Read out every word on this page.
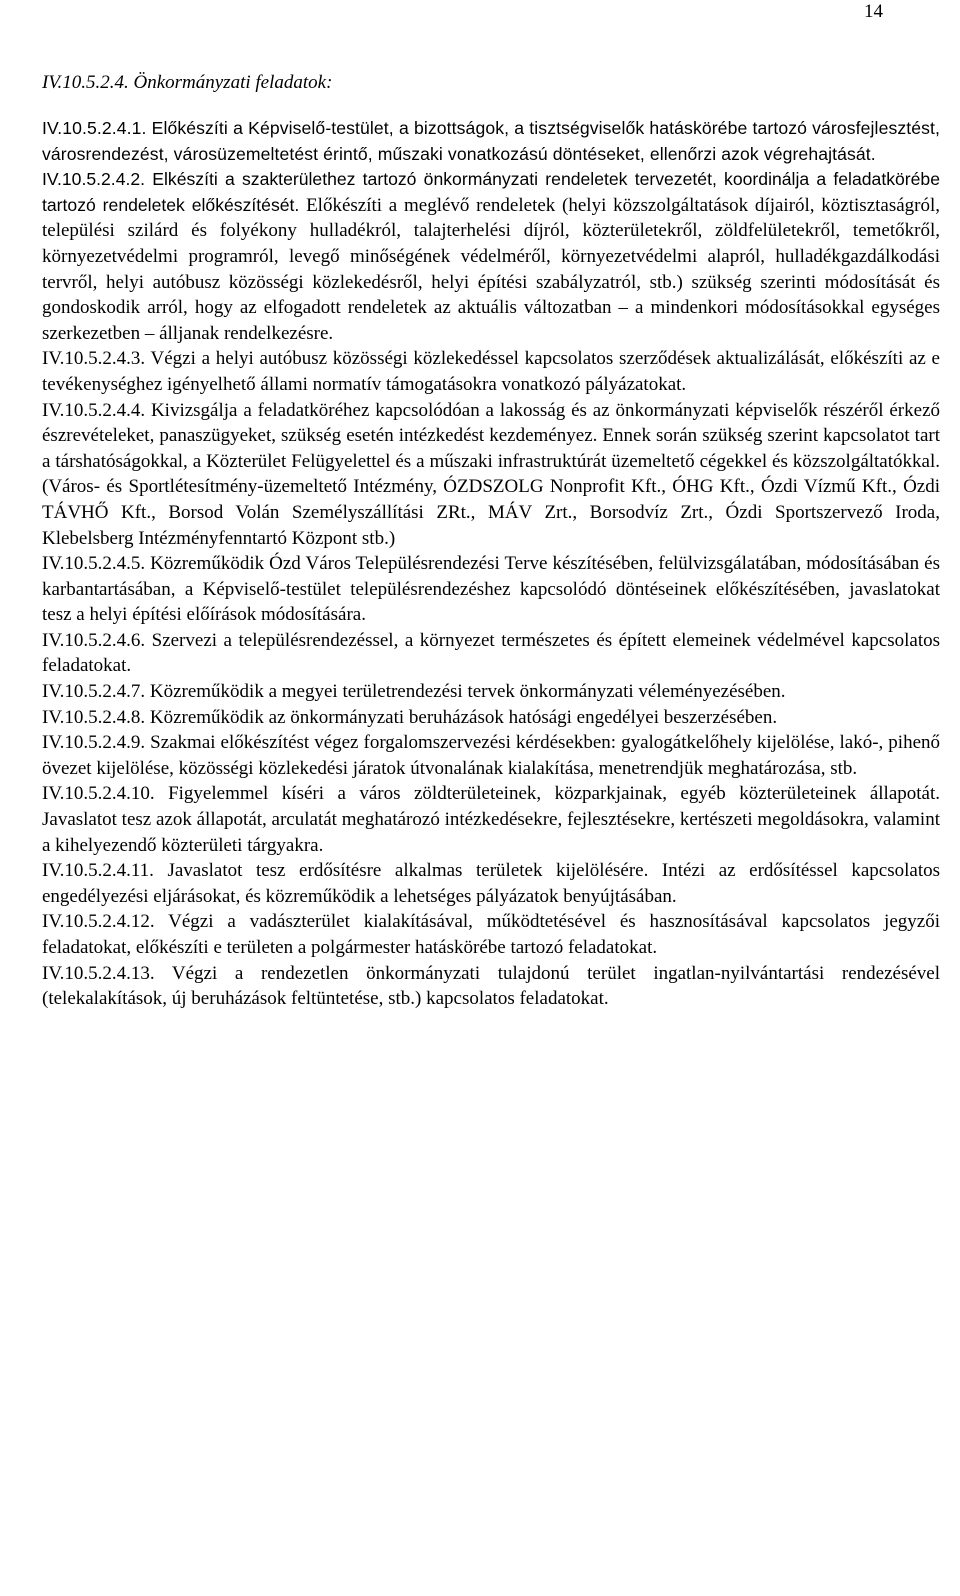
14
IV.10.5.2.4. Önkormányzati feladatok:

IV.10.5.2.4.1. Előkészíti a Képviselő-testület, a bizottságok, a tisztségviselők hatáskörébe tartozó városfejlesztést, városrendezést, városüzemeltetést érintő, műszaki vonatkozású döntéseket, ellenőrzi azok végrehajtását.

IV.10.5.2.4.2. Elkészíti a szakterülethez tartozó önkormányzati rendeletek tervezetét, koordinálja a feladatkörébe tartozó rendeletek előkészítését. Előkészíti a meglévő rendeletek (helyi közszolgáltatások díjairól, köztisztaságról, települési szilárd és folyékony hulladékról, talajterhelési díjról, közterületekről, zöldfelületekről, temetőkről, környezetvédelmi programról, levegő minőségének védelméről, környezetvédelmi alapról, hulladékgazdálkodási tervről, helyi autóbusz közösségi közlekedésről, helyi építési szabályzatról, stb.) szükség szerinti módosítását és gondoskodik arról, hogy az elfogadott rendeletek az aktuális változatban – a mindenkori módosításokkal egységes szerkezetben – álljanak rendelkezésre.

IV.10.5.2.4.3. Végzi a helyi autóbusz közösségi közlekedéssel kapcsolatos szerződések aktualizálását, előkészíti az e tevékenységhez igényelhető állami normatív támogatásokra vonatkozó pályázatokat.

IV.10.5.2.4.4. Kivizsgálja a feladatköréhez kapcsolódóan a lakosság és az önkormányzati képviselők részéről érkező észrevételeket, panaszügyeket, szükség esetén intézkedést kezdeményez. Ennek során szükség szerint kapcsolatot tart a társhatóságokkal, a Közterület Felügyelettel és a műszaki infrastruktúrát üzemeltető cégekkel és közszolgáltatókkal. (Város- és Sportlétesítmény-üzemeltető Intézmény, ÓZDSZOLG Nonprofit Kft., ÓHG Kft., Ózdi Vízmű Kft., Ózdi TÁVHŐ Kft., Borsod Volán Személyszállítási ZRt., MÁV Zrt., Borsodvíz Zrt., Ózdi Sportszervező Iroda, Klebelsberg Intézményfenntartó Központ stb.)

IV.10.5.2.4.5. Közreműködik Ózd Város Településrendezési Terve készítésében, felülvizsgálatában, módosításában és karbantartásában, a Képviselő-testület településrendezéshez kapcsolódó döntéseinek előkészítésében, javaslatokat tesz a helyi építési előírások módosítására.

IV.10.5.2.4.6. Szervezi a településrendezéssel, a környezet természetes és épített elemeinek védelmével kapcsolatos feladatokat.

IV.10.5.2.4.7. Közreműködik a megyei területrendezési tervek önkormányzati véleményezésében.

IV.10.5.2.4.8. Közreműködik az önkormányzati beruházások hatósági engedélyei beszerzésében.

IV.10.5.2.4.9. Szakmai előkészítést végez forgalomszervezési kérdésekben: gyalogátkelőhely kijelölése, lakó-, pihenő övezet kijelölése, közösségi közlekedési járatok útvonalának kialakítása, menetrendjük meghatározása, stb.

IV.10.5.2.4.10. Figyelemmel kíséri a város zöldterületeinek, közparkjainak, egyéb közterületeinek állapotát. Javaslatot tesz azok állapotát, arculatát meghatározó intézkedésekre, fejlesztésekre, kertészeti megoldásokra, valamint a kihelyezendő közterületi tárgyakra.

IV.10.5.2.4.11. Javaslatot tesz erdősítésre alkalmas területek kijelölésére. Intézi az erdősítéssel kapcsolatos engedélyezési eljárásokat, és közreműködik a lehetséges pályázatok benyújtásában.

IV.10.5.2.4.12. Végzi a vadászterület kialakításával, működtetésével és hasznosításával kapcsolatos jegyzői feladatokat, előkészíti e területen a polgármester hatáskörébe tartozó feladatokat.

IV.10.5.2.4.13. Végzi a rendezetlen önkormányzati tulajdonú terület ingatlan-nyilvántartási rendezésével (telekalakítások, új beruházások feltüntetése, stb.) kapcsolatos feladatokat.
